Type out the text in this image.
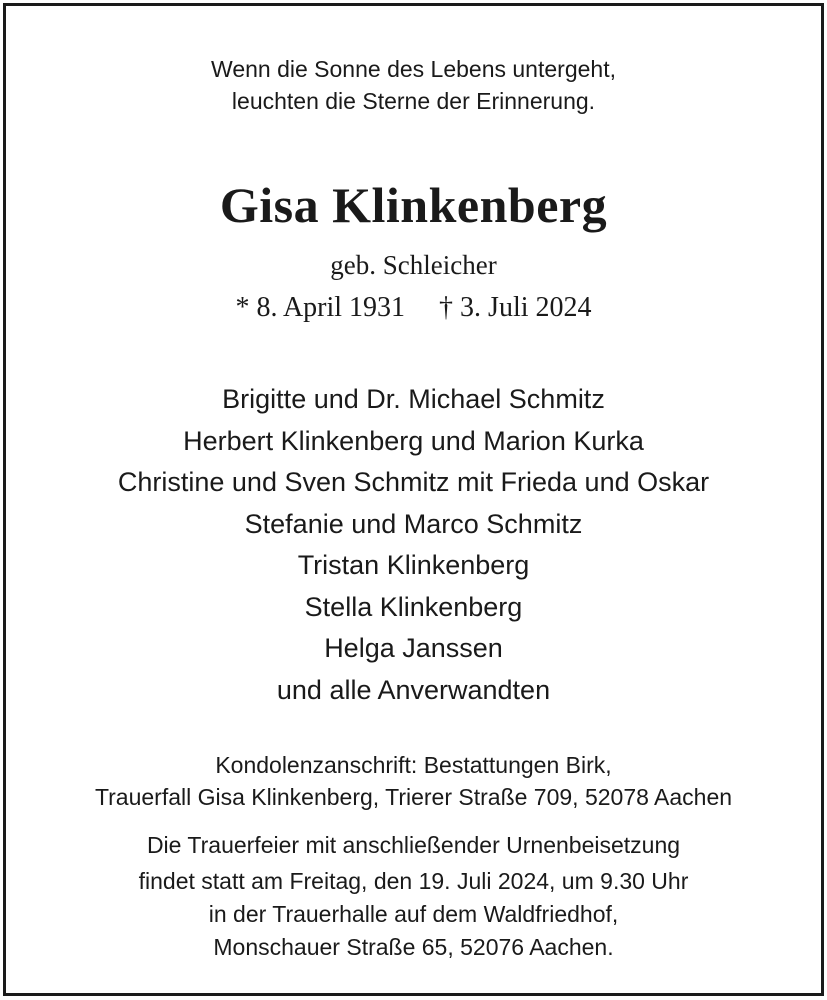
Wenn die Sonne des Lebens untergeht,
leuchten die Sterne der Erinnerung.
Gisa Klinkenberg
geb. Schleicher
* 8. April 1931 † 3. Juli 2024
Brigitte und Dr. Michael Schmitz
Herbert Klinkenberg und Marion Kurka
Christine und Sven Schmitz mit Frieda und Oskar
Stefanie und Marco Schmitz
Tristan Klinkenberg
Stella Klinkenberg
Helga Janssen
und alle Anverwandten
Kondolenzanschrift: Bestattungen Birk,
Trauerfall Gisa Klinkenberg, Trierer Straße 709, 52078 Aachen
Die Trauerfeier mit anschließender Urnenbeisetzung
findet statt am Freitag, den 19. Juli 2024, um 9.30 Uhr
in der Trauerhalle auf dem Waldfriedhof,
Monschauer Straße 65, 52076 Aachen.
